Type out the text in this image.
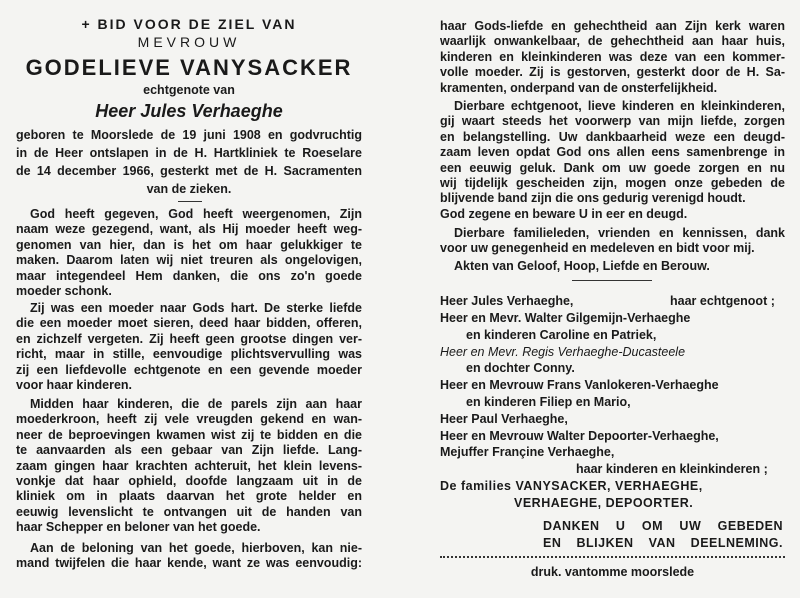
+ BID VOOR DE ZIEL VAN
MEVROUW
GODELIEVE VANYSACKER
echtgenote van
Heer Jules Verhaeghe
geboren te Moorslede de 19 juni 1908 en godvruchtig
in de Heer ontslapen in de H. Hartkliniek te Roeselare
de 14 december 1966, gesterkt met de H. Sacramenten
van de zieken.
God heeft gegeven, God heeft weergenomen, Zijn
naam weze gezegend, want, als Hij moeder heeft weg-
genomen van hier, dan is het om haar gelukkiger te
maken. Daarom laten wij niet treuren als ongelovigen,
maar integendeel Hem danken, die ons zo'n goede
moeder schonk.
Zij was een moeder naar Gods hart. De sterke liefde
die een moeder moet sieren, deed haar bidden, offeren,
en zichzelf vergeten. Zij heeft geen grootse dingen ver-
richt, maar in stille, eenvoudige plichtsvervulling was
zij een liefdevolle echtgenote en een gevende moeder
voor haar kinderen.
Midden haar kinderen, die de parels zijn aan haar
moederkroon, heeft zij vele vreugden gekend en wan-
neer de beproevingen kwamen wist zij te bidden en die
te aanvaarden als een gebaar van Zijn liefde. Lang-
zaam gingen haar krachten achteruit, het klein levens-
vonkje dat haar ophield, doofde langzaam uit in de
kliniek om in plaats daarvan het grote helder en
eeuwig levenslicht te ontvangen uit de handen van
haar Schepper en beloner van het goede.
Aan de beloning van het goede, hierboven, kan nie-
mand twijfelen die haar kende, want ze was eenvoudig:
haar Gods-liefde en gehechtheid aan Zijn kerk waren
waarlijk onwankelbaar, de gehechtheid aan haar huis,
kinderen en kleinkinderen was deze van een kommer-
volle moeder. Zij is gestorven, gesterkt door de H. Sa-
kramenten, onderpand van de onsterfelijkheid.
Dierbare echtgenoot, lieve kinderen en kleinkinderen,
gij waart steeds het voorwerp van mijn liefde, zorgen
en belangstelling. Uw dankbaarheid weze een deugd-
zaam leven opdat God ons allen eens samenbrenge in
een eeuwig geluk. Dank om uw goede zorgen en nu
wij tijdelijk gescheiden zijn, mogen onze gebeden de
blijvende band zijn die ons gedurig verenigd houdt.
God zegene en beware U in eer en deugd.
Dierbare familieleden, vrienden en kennissen, dank
voor uw genegenheid en medeleven en bidt voor mij.
Akten van Geloof, Hoop, Liefde en Berouw.
Heer Jules Verhaeghe,	haar echtgenoot ;
Heer en Mevr. Walter Gilgemijn-Verhaeghe
en kinderen Caroline en Patriek,
Heer en Mevr. Regis Verhaeghe-Ducasteele
en dochter Conny.
Heer en Mevrouw Frans Vanlokeren-Verhaeghe
en kinderen Filiep en Mario,
Heer Paul Verhaeghe,
Heer en Mevrouw Walter Depoorter-Verhaeghe,
Mejuffer Françine Verhaeghe,
haar kinderen en kleinkinderen ;
De families VANYSACKER, VERHAEGHE,
VERHAEGHE, DEPOORTER.
DANKEN U OM UW GEBEDEN
EN BLIJKEN VAN DEELNEMING.
druk. vantomme moorslede
